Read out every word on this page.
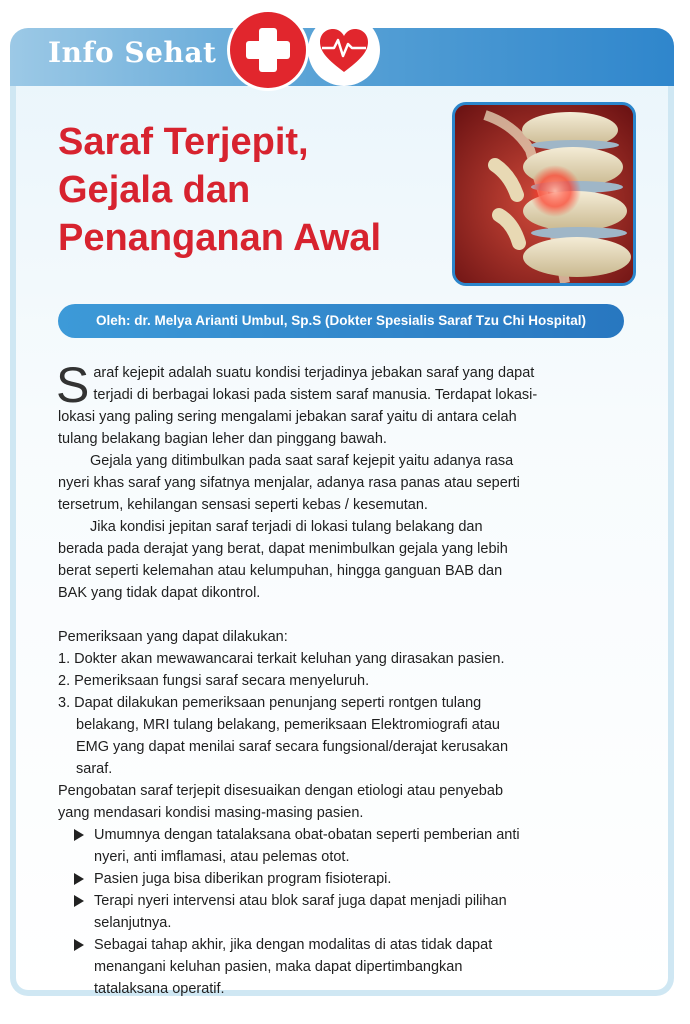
Info Sehat
Saraf Terjepit,
Gejala dan
Penanganan Awal
Oleh: dr. Melya Arianti Umbul, Sp.S (Dokter Spesialis Saraf Tzu Chi Hospital)
S araf kejepit adalah suatu kondisi terjadinya jebakan saraf yang dapat
terjadi di berbagai lokasi pada sistem saraf manusia. Terdapat lokasi-
lokasi yang paling sering mengalami jebakan saraf yaitu di antara celah
tulang belakang bagian leher dan pinggang bawah.
Gejala yang ditimbulkan pada saat saraf kejepit yaitu adanya rasa
nyeri khas saraf yang sifatnya menjalar, adanya rasa panas atau seperti
tersetrum, kehilangan sensasi seperti kebas / kesemutan.
Jika kondisi jepitan saraf terjadi di lokasi tulang belakang dan
berada pada derajat yang berat, dapat menimbulkan gejala yang lebih
berat seperti kelemahan atau kelumpuhan, hingga ganguan BAB dan
BAK yang tidak dapat dikontrol.
Pemeriksaan yang dapat dilakukan:
1. Dokter akan mewawancarai terkait keluhan yang dirasakan pasien.
2. Pemeriksaan fungsi saraf secara menyeluruh.
3. Dapat dilakukan pemeriksaan penunjang seperti rontgen tulang
belakang, MRI tulang belakang, pemeriksaan Elektromiografi atau
EMG yang dapat menilai saraf secara fungsional/derajat kerusakan
saraf.
Pengobatan saraf terjepit disesuaikan dengan etiologi atau penyebab
yang mendasari kondisi masing-masing pasien.
Umumnya dengan tatalaksana obat-obatan seperti pemberian anti
nyeri, anti imflamasi, atau pelemas otot.
Pasien juga bisa diberikan program fisioterapi.
Terapi nyeri intervensi atau blok saraf juga dapat menjadi pilihan
selanjutnya.
Sebagai tahap akhir, jika dengan modalitas di atas tidak dapat
menangani keluhan pasien, maka dapat dipertimbangkan
tatalaksana operatif.
